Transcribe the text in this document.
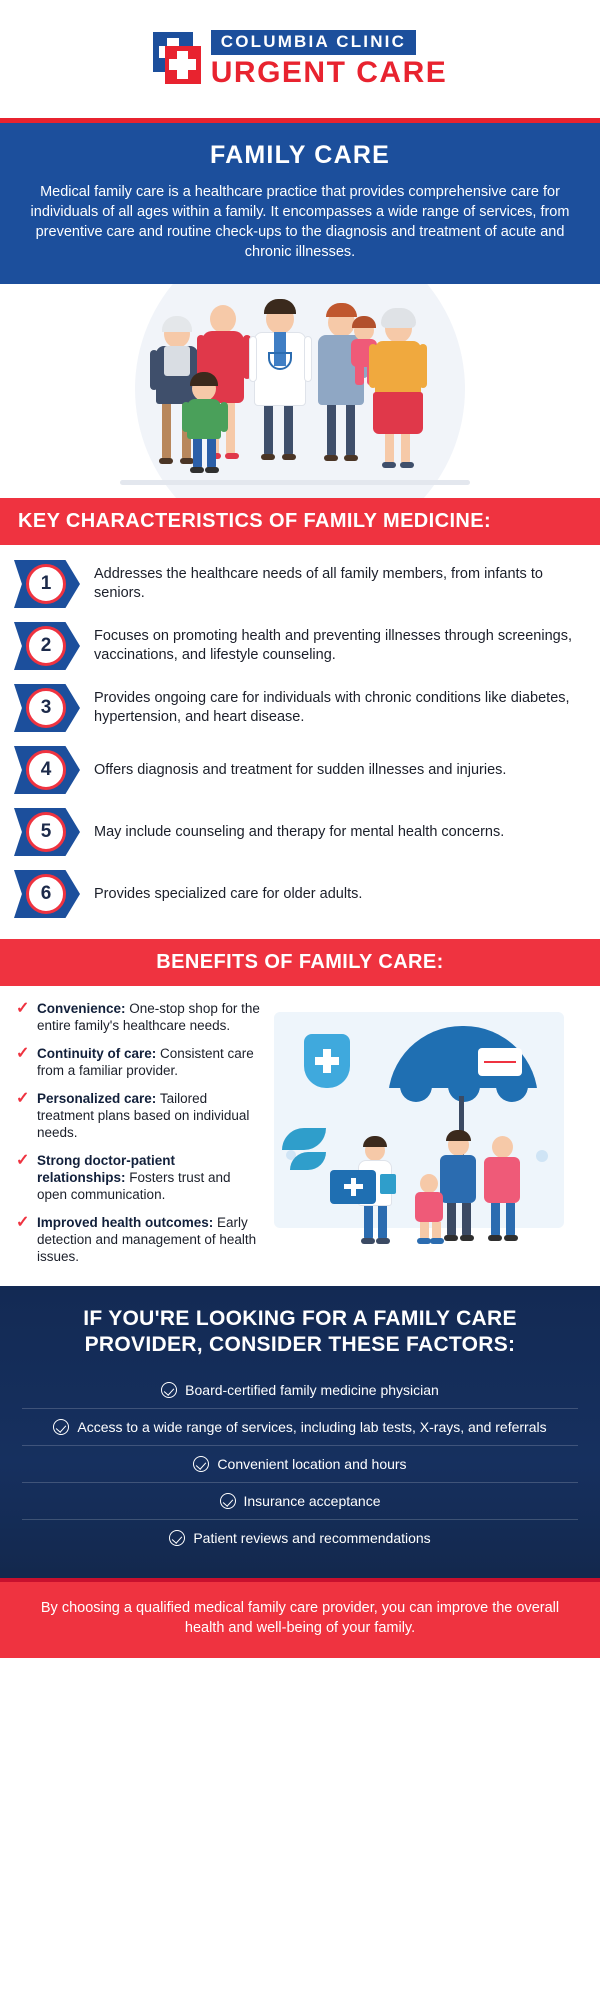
COLUMBIA CLINIC
URGENT CARE
FAMILY CARE

Medical family care is a healthcare practice that provides comprehensive care for individuals of all ages within a family. It encompasses a wide range of services, from preventive care and routine check-ups to the diagnosis and treatment of acute and chronic illnesses.

KEY CHARACTERISTICS OF FAMILY MEDICINE:
1	Addresses the healthcare needs of all family members, from infants to seniors.
2	Focuses on promoting health and preventing illnesses through screenings, vaccinations, and lifestyle counseling.
3	Provides ongoing care for individuals with chronic conditions like diabetes, hypertension, and heart disease.
4	Offers diagnosis and treatment for sudden illnesses and injuries.
5	May include counseling and therapy for mental health concerns.
6	Provides specialized care for older adults.
BENEFITS OF FAMILY CARE:
✓ Convenience: One-stop shop for the entire family's healthcare needs.
✓ Continuity of care: Consistent care from a familiar provider.
✓ Personalized care: Tailored treatment plans based on individual needs.
✓ Strong doctor-patient relationships: Fosters trust and open communication.
✓ Improved health outcomes: Early detection and management of health issues.
IF YOU'RE LOOKING FOR A FAMILY CARE PROVIDER, CONSIDER THESE FACTORS:
Board-certified family medicine physician
Access to a wide range of services, including lab tests, X-rays, and referrals
Convenient location and hours
Insurance acceptance
Patient reviews and recommendations
By choosing a qualified medical family care provider, you can improve the overall health and well-being of your family.
